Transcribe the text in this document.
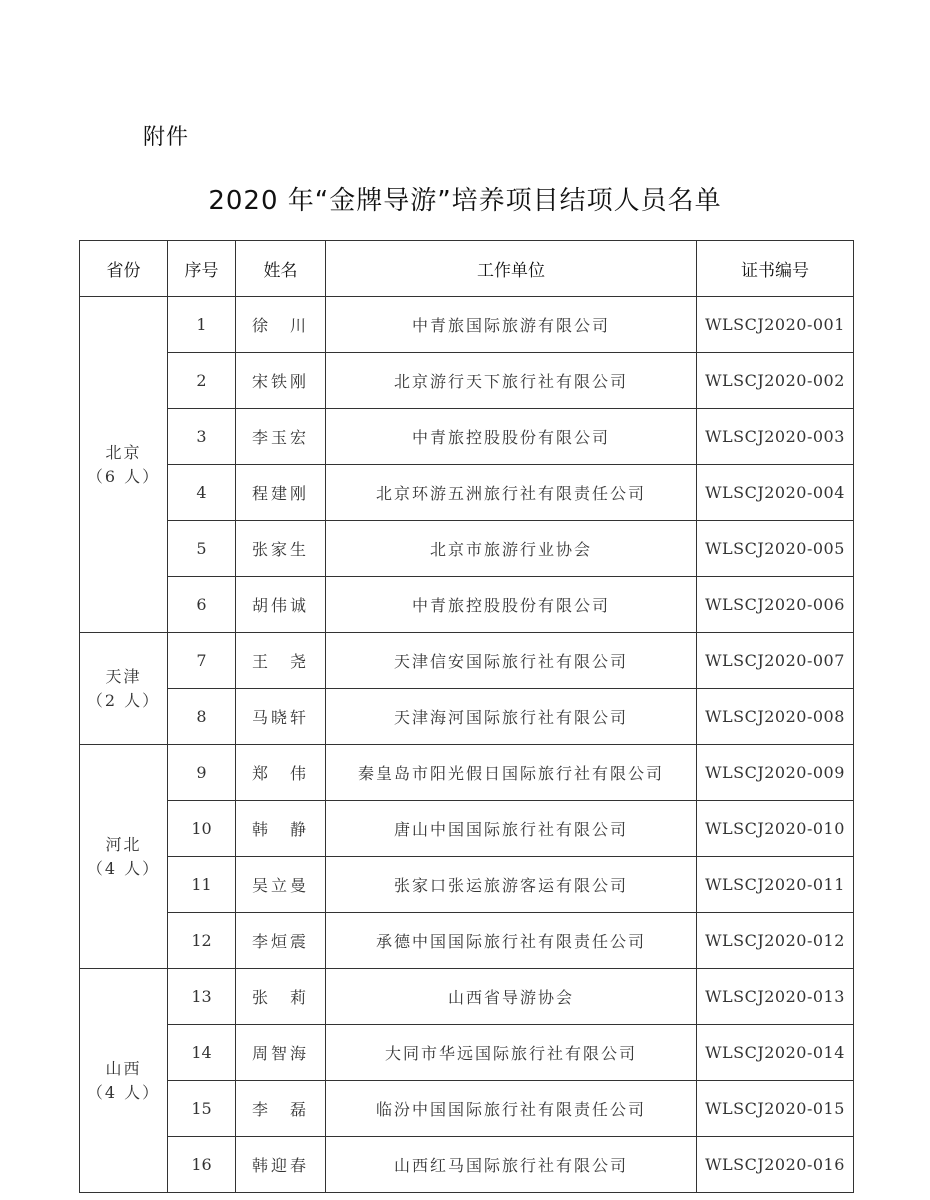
附件
2020 年“金牌导游”培养项目结项人员名单
省份	序号	姓名	工作单位	证书编号

北京
（6 人）	1	徐　川	中青旅国际旅游有限公司	WLSCJ2020-001
	2	宋铁刚	北京游行天下旅行社有限公司	WLSCJ2020-002
	3	李玉宏	中青旅控股股份有限公司	WLSCJ2020-003
	4	程建刚	北京环游五洲旅行社有限责任公司	WLSCJ2020-004
	5	张家生	北京市旅游行业协会	WLSCJ2020-005
	6	胡伟诚	中青旅控股股份有限公司	WLSCJ2020-006

天津
（2 人）	7	王　尧	天津信安国际旅行社有限公司	WLSCJ2020-007
	8	马晓轩	天津海河国际旅行社有限公司	WLSCJ2020-008

河北
（4 人）	9	郑　伟	秦皇岛市阳光假日国际旅行社有限公司	WLSCJ2020-009
	10	韩　静	唐山中国国际旅行社有限公司	WLSCJ2020-010
	11	吴立曼	张家口张运旅游客运有限公司	WLSCJ2020-011
	12	李烜震	承德中国国际旅行社有限责任公司	WLSCJ2020-012

山西
（4 人）	13	张　莉	山西省导游协会	WLSCJ2020-013
	14	周智海	大同市华远国际旅行社有限公司	WLSCJ2020-014
	15	李　磊	临汾中国国际旅行社有限责任公司	WLSCJ2020-015
	16	韩迎春	山西红马国际旅行社有限公司	WLSCJ2020-016
